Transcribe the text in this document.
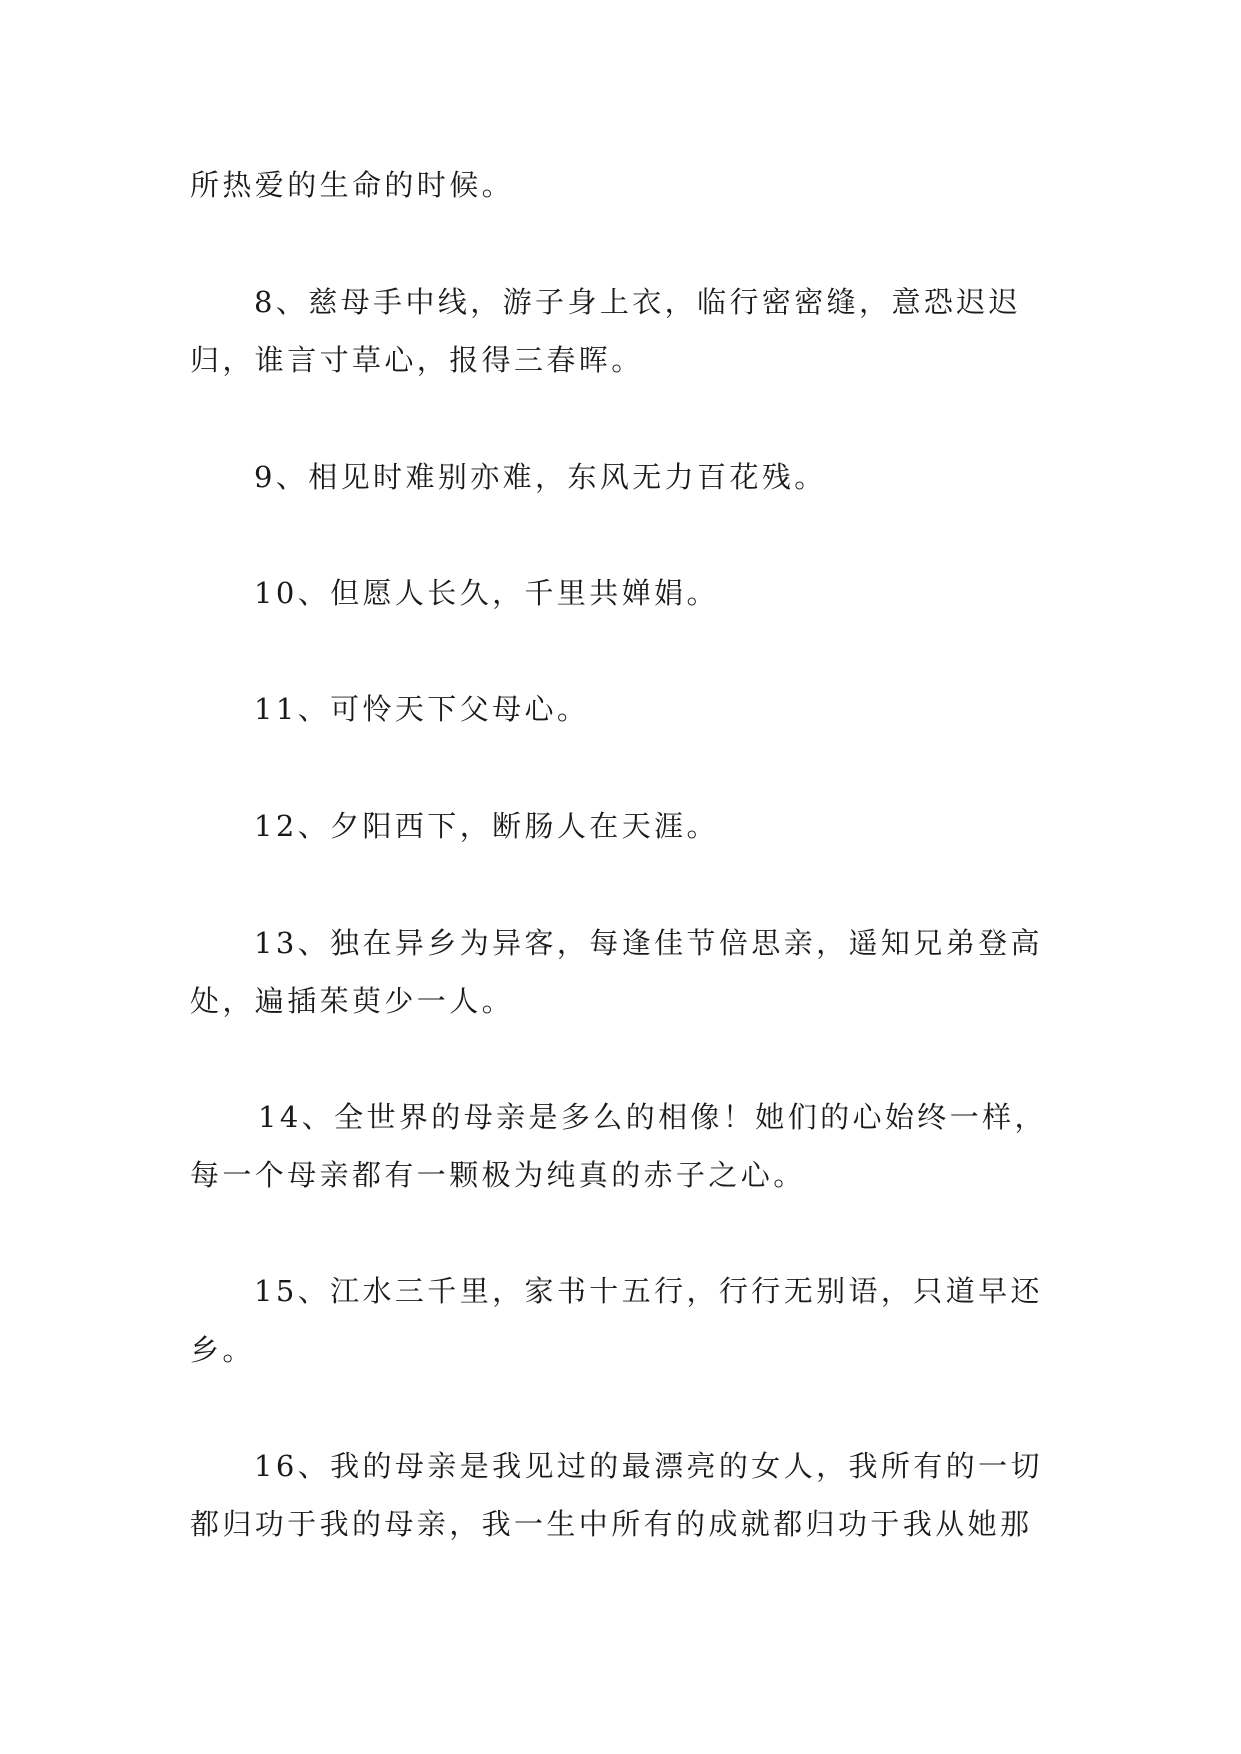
所热爱的生命的时候。
8、慈母手中线，游子身上衣，临行密密缝，意恐迟迟
归，谁言寸草心，报得三春晖。
9、相见时难别亦难，东风无力百花残。
10、但愿人长久，千里共婵娟。
11、可怜天下父母心。
12、夕阳西下，断肠人在天涯。
13、独在异乡为异客，每逢佳节倍思亲，遥知兄弟登高
处，遍插茱萸少一人。
14、全世界的母亲是多么的相像！她们的心始终一样，
每一个母亲都有一颗极为纯真的赤子之心。
15、江水三千里，家书十五行，行行无别语，只道早还
乡。
16、我的母亲是我见过的最漂亮的女人，我所有的一切
都归功于我的母亲，我一生中所有的成就都归功于我从她那
